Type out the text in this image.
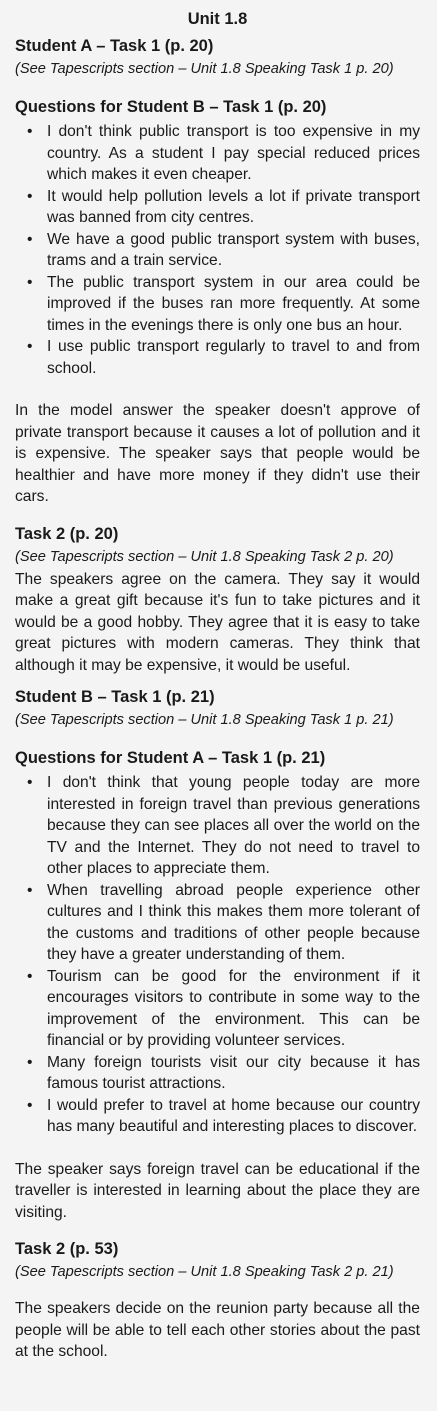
Unit 1.8
Student A – Task 1 (p. 20)

(See Tapescripts section – Unit 1.8 Speaking Task 1 p. 20)

Questions for Student B – Task 1 (p. 20)
• I don't think public transport is too expensive in my country. As a student I pay special reduced prices which makes it even cheaper.
• It would help pollution levels a lot if private transport was banned from city centres.
• We have a good public transport system with buses, trams and a train service.
• The public transport system in our area could be improved if the buses ran more frequently. At some times in the evenings there is only one bus an hour.
• I use public transport regularly to travel to and from school.

In the model answer the speaker doesn't approve of private transport because it causes a lot of pollution and it is expensive. The speaker says that people would be healthier and have more money if they didn't use their cars.

Task 2 (p. 20)

(See Tapescripts section – Unit 1.8 Speaking Task 2 p. 20)

The speakers agree on the camera. They say it would make a great gift because it's fun to take pictures and it would be a good hobby. They agree that it is easy to take great pictures with modern cameras. They think that although it may be expensive, it would be useful.

Student B – Task 1 (p. 21)

(See Tapescripts section – Unit 1.8 Speaking Task 1 p. 21)

Questions for Student A – Task 1 (p. 21)
• I don't think that young people today are more interested in foreign travel than previous generations because they can see places all over the world on the TV and the Internet. They do not need to travel to other places to appreciate them.
• When travelling abroad people experience other cultures and I think this makes them more tolerant of the customs and traditions of other people because they have a greater understanding of them.
• Tourism can be good for the environment if it encourages visitors to contribute in some way to the improvement of the environment. This can be financial or by providing volunteer services.
• Many foreign tourists visit our city because it has famous tourist attractions.
• I would prefer to travel at home because our country has many beautiful and interesting places to discover.

The speaker says foreign travel can be educational if the traveller is interested in learning about the place they are visiting.

Task 2 (p. 53)

(See Tapescripts section – Unit 1.8 Speaking Task 2 p. 21)

The speakers decide on the reunion party because all the people will be able to tell each other stories about the past at the school.
